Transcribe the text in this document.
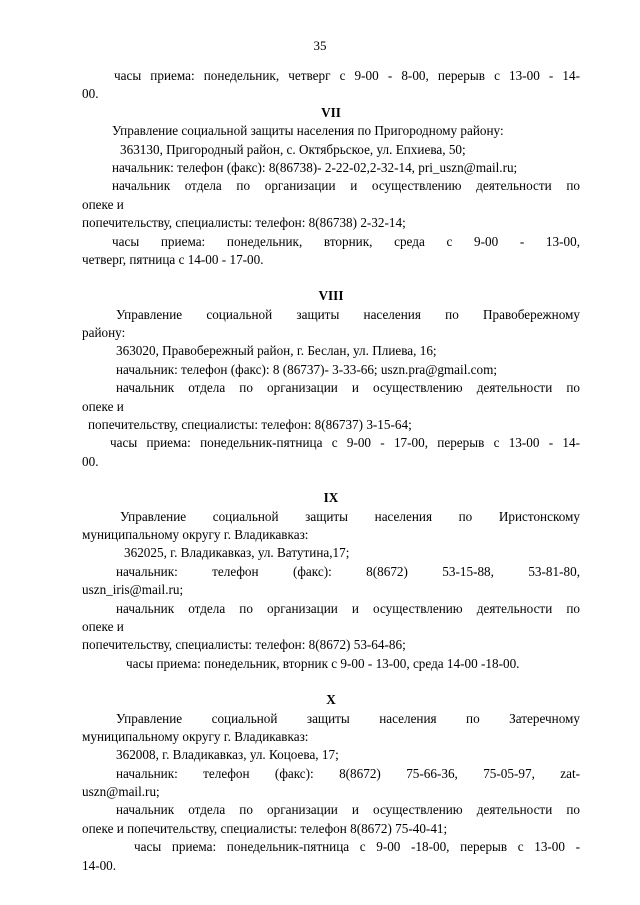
35
часы приема: понедельник, четверг с 9-00 - 8-00, перерыв с 13-00 - 14-
00.
VII
Управление социальной защиты населения по Пригородному району:
363130, Пригородный район, с. Октябрьское, ул. Епхиева, 50;
начальник: телефон (факс): 8(86738)- 2-22-02,2-32-14, pri_uszn@mail.ru;
начальник отдела по организации и осуществлению деятельности по
опеке и
попечительству, специалисты: телефон: 8(86738) 2-32-14;
часы приема: понедельник, вторник, среда с 9-00 - 13-00,
четверг, пятница с 14-00 - 17-00.
VIII
Управление социальной защиты населения по Правобережному
району:
363020, Правобережный район, г. Беслан, ул. Плиева, 16;
начальник: телефон (факс): 8 (86737)- 3-33-66; uszn.pra@gmail.com;
начальник отдела по организации и осуществлению деятельности по
опеке и
попечительству, специалисты: телефон: 8(86737) 3-15-64;
часы приема: понедельник-пятница с 9-00 - 17-00, перерыв с 13-00 - 14-
00.
IX
Управление социальной защиты населения по Иристонскому
муниципальному округу г. Владикавказ:
362025, г. Владикавказ, ул. Ватутина,17;
начальник: телефон (факс): 8(8672) 53-15-88, 53-81-80,
uszn_iris@mail.ru;
начальник отдела по организации и осуществлению деятельности по
опеке и
попечительству, специалисты: телефон: 8(8672) 53-64-86;
часы приема: понедельник, вторник с 9-00 - 13-00, среда 14-00 -18-00.
X
Управление социальной защиты населения по Затеречному
муниципальному округу г. Владикавказ:
362008, г. Владикавказ, ул. Коцоева, 17;
начальник: телефон (факс): 8(8672) 75-66-36, 75-05-97, zat-
uszn@mail.ru;
начальник отдела по организации и осуществлению деятельности по
опеке и попечительству, специалисты: телефон 8(8672) 75-40-41;
часы приема: понедельник-пятница с 9-00 -18-00, перерыв с 13-00 -
14-00.
